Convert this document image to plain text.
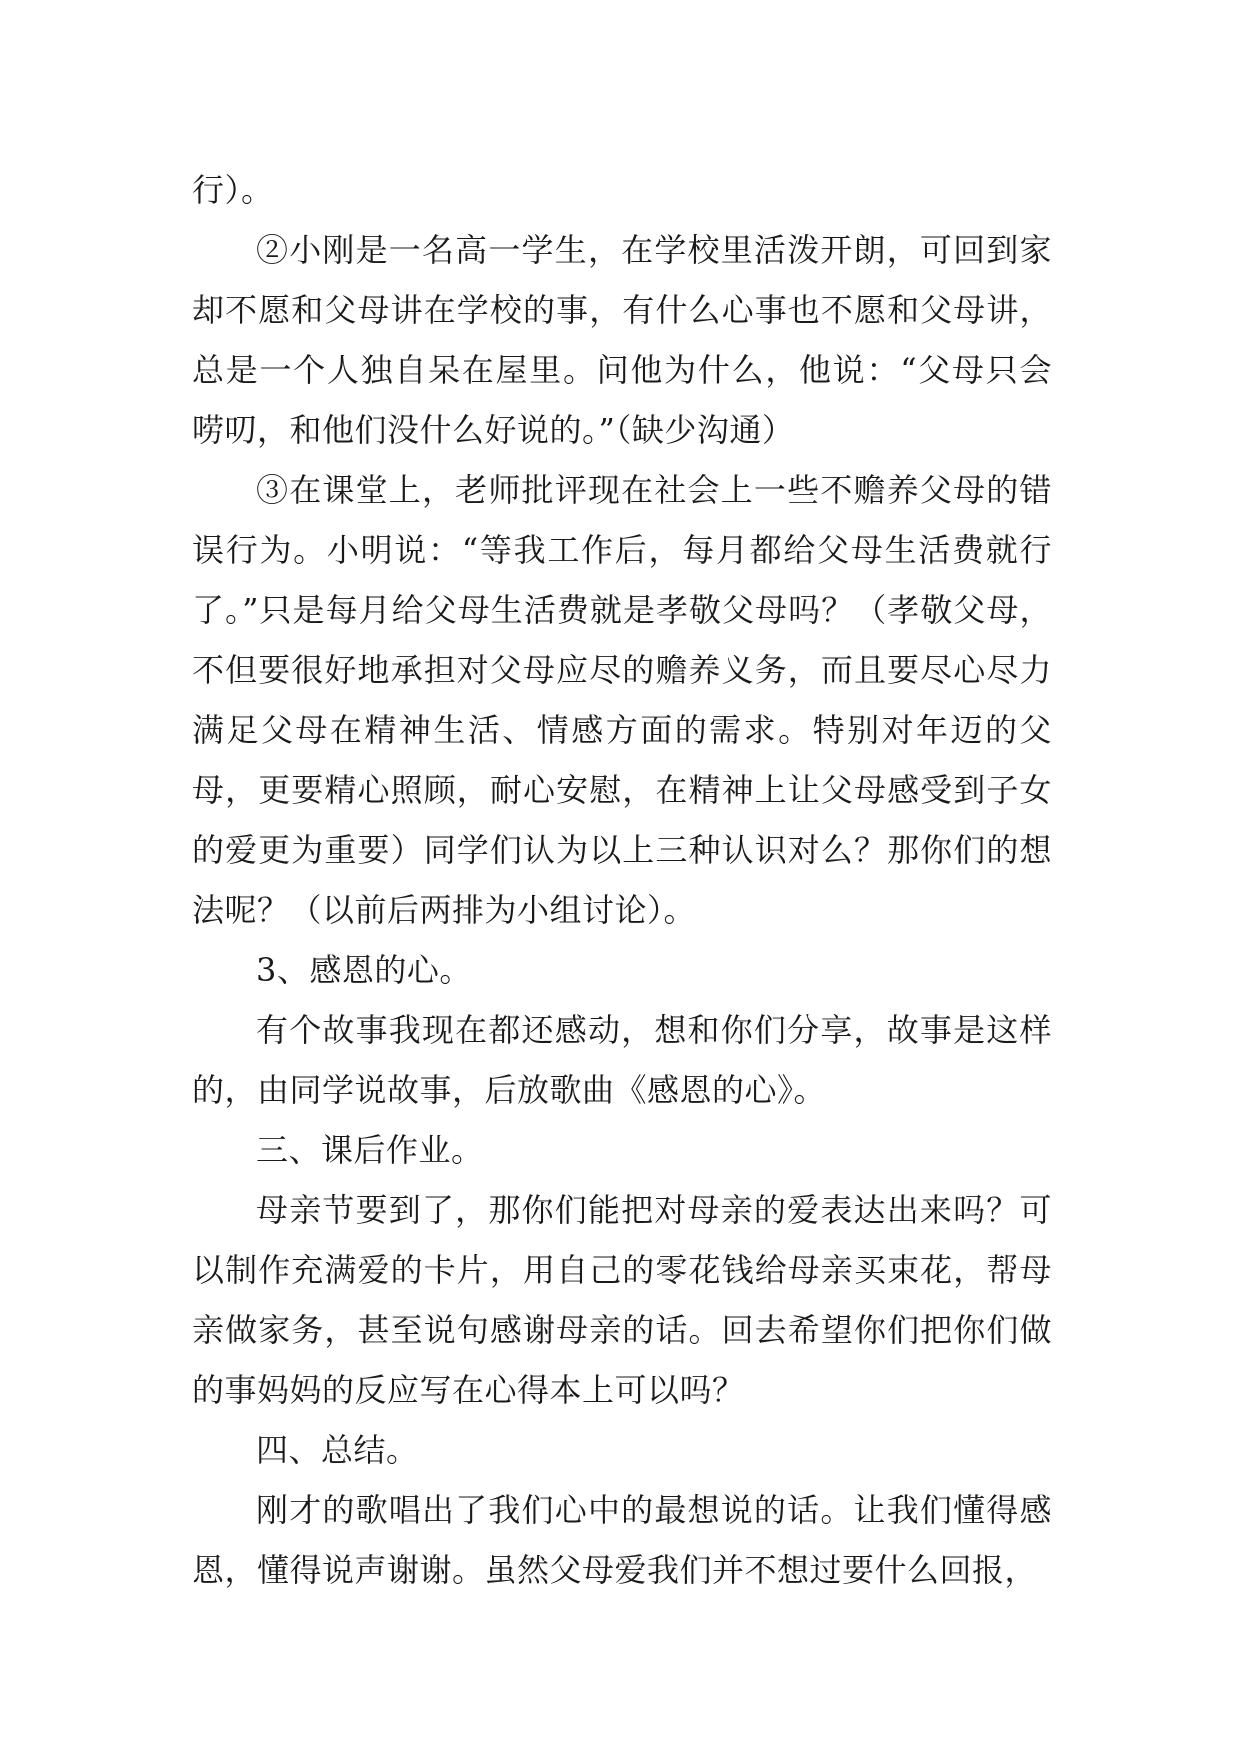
行）。

②小刚是一名高一学生，在学校里活泼开朗，可回到家却不愿和父母讲在学校的事，有什么心事也不愿和父母讲，总是一个人独自呆在屋里。问他为什么，他说：“父母只会唠叨，和他们没什么好说的。”（缺少沟通）

③在课堂上，老师批评现在社会上一些不赡养父母的错误行为。小明说：“等我工作后，每月都给父母生活费就行了。”只是每月给父母生活费就是孝敬父母吗？（孝敬父母，不但要很好地承担对父母应尽的赡养义务，而且要尽心尽力满足父母在精神生活、情感方面的需求。特别对年迈的父母，更要精心照顾，耐心安慰，在精神上让父母感受到子女的爱更为重要）同学们认为以上三种认识对么？那你们的想法呢？（以前后两排为小组讨论）。

3、感恩的心。

有个故事我现在都还感动，想和你们分享，故事是这样的，由同学说故事，后放歌曲《感恩的心》。

三、课后作业。

母亲节要到了，那你们能把对母亲的爱表达出来吗？可以制作充满爱的卡片，用自己的零花钱给母亲买束花，帮母亲做家务，甚至说句感谢母亲的话。回去希望你们把你们做的事妈妈的反应写在心得本上可以吗？

四、总结。

刚才的歌唱出了我们心中的最想说的话。让我们懂得感恩，懂得说声谢谢。虽然父母爱我们并不想过要什么回报，
